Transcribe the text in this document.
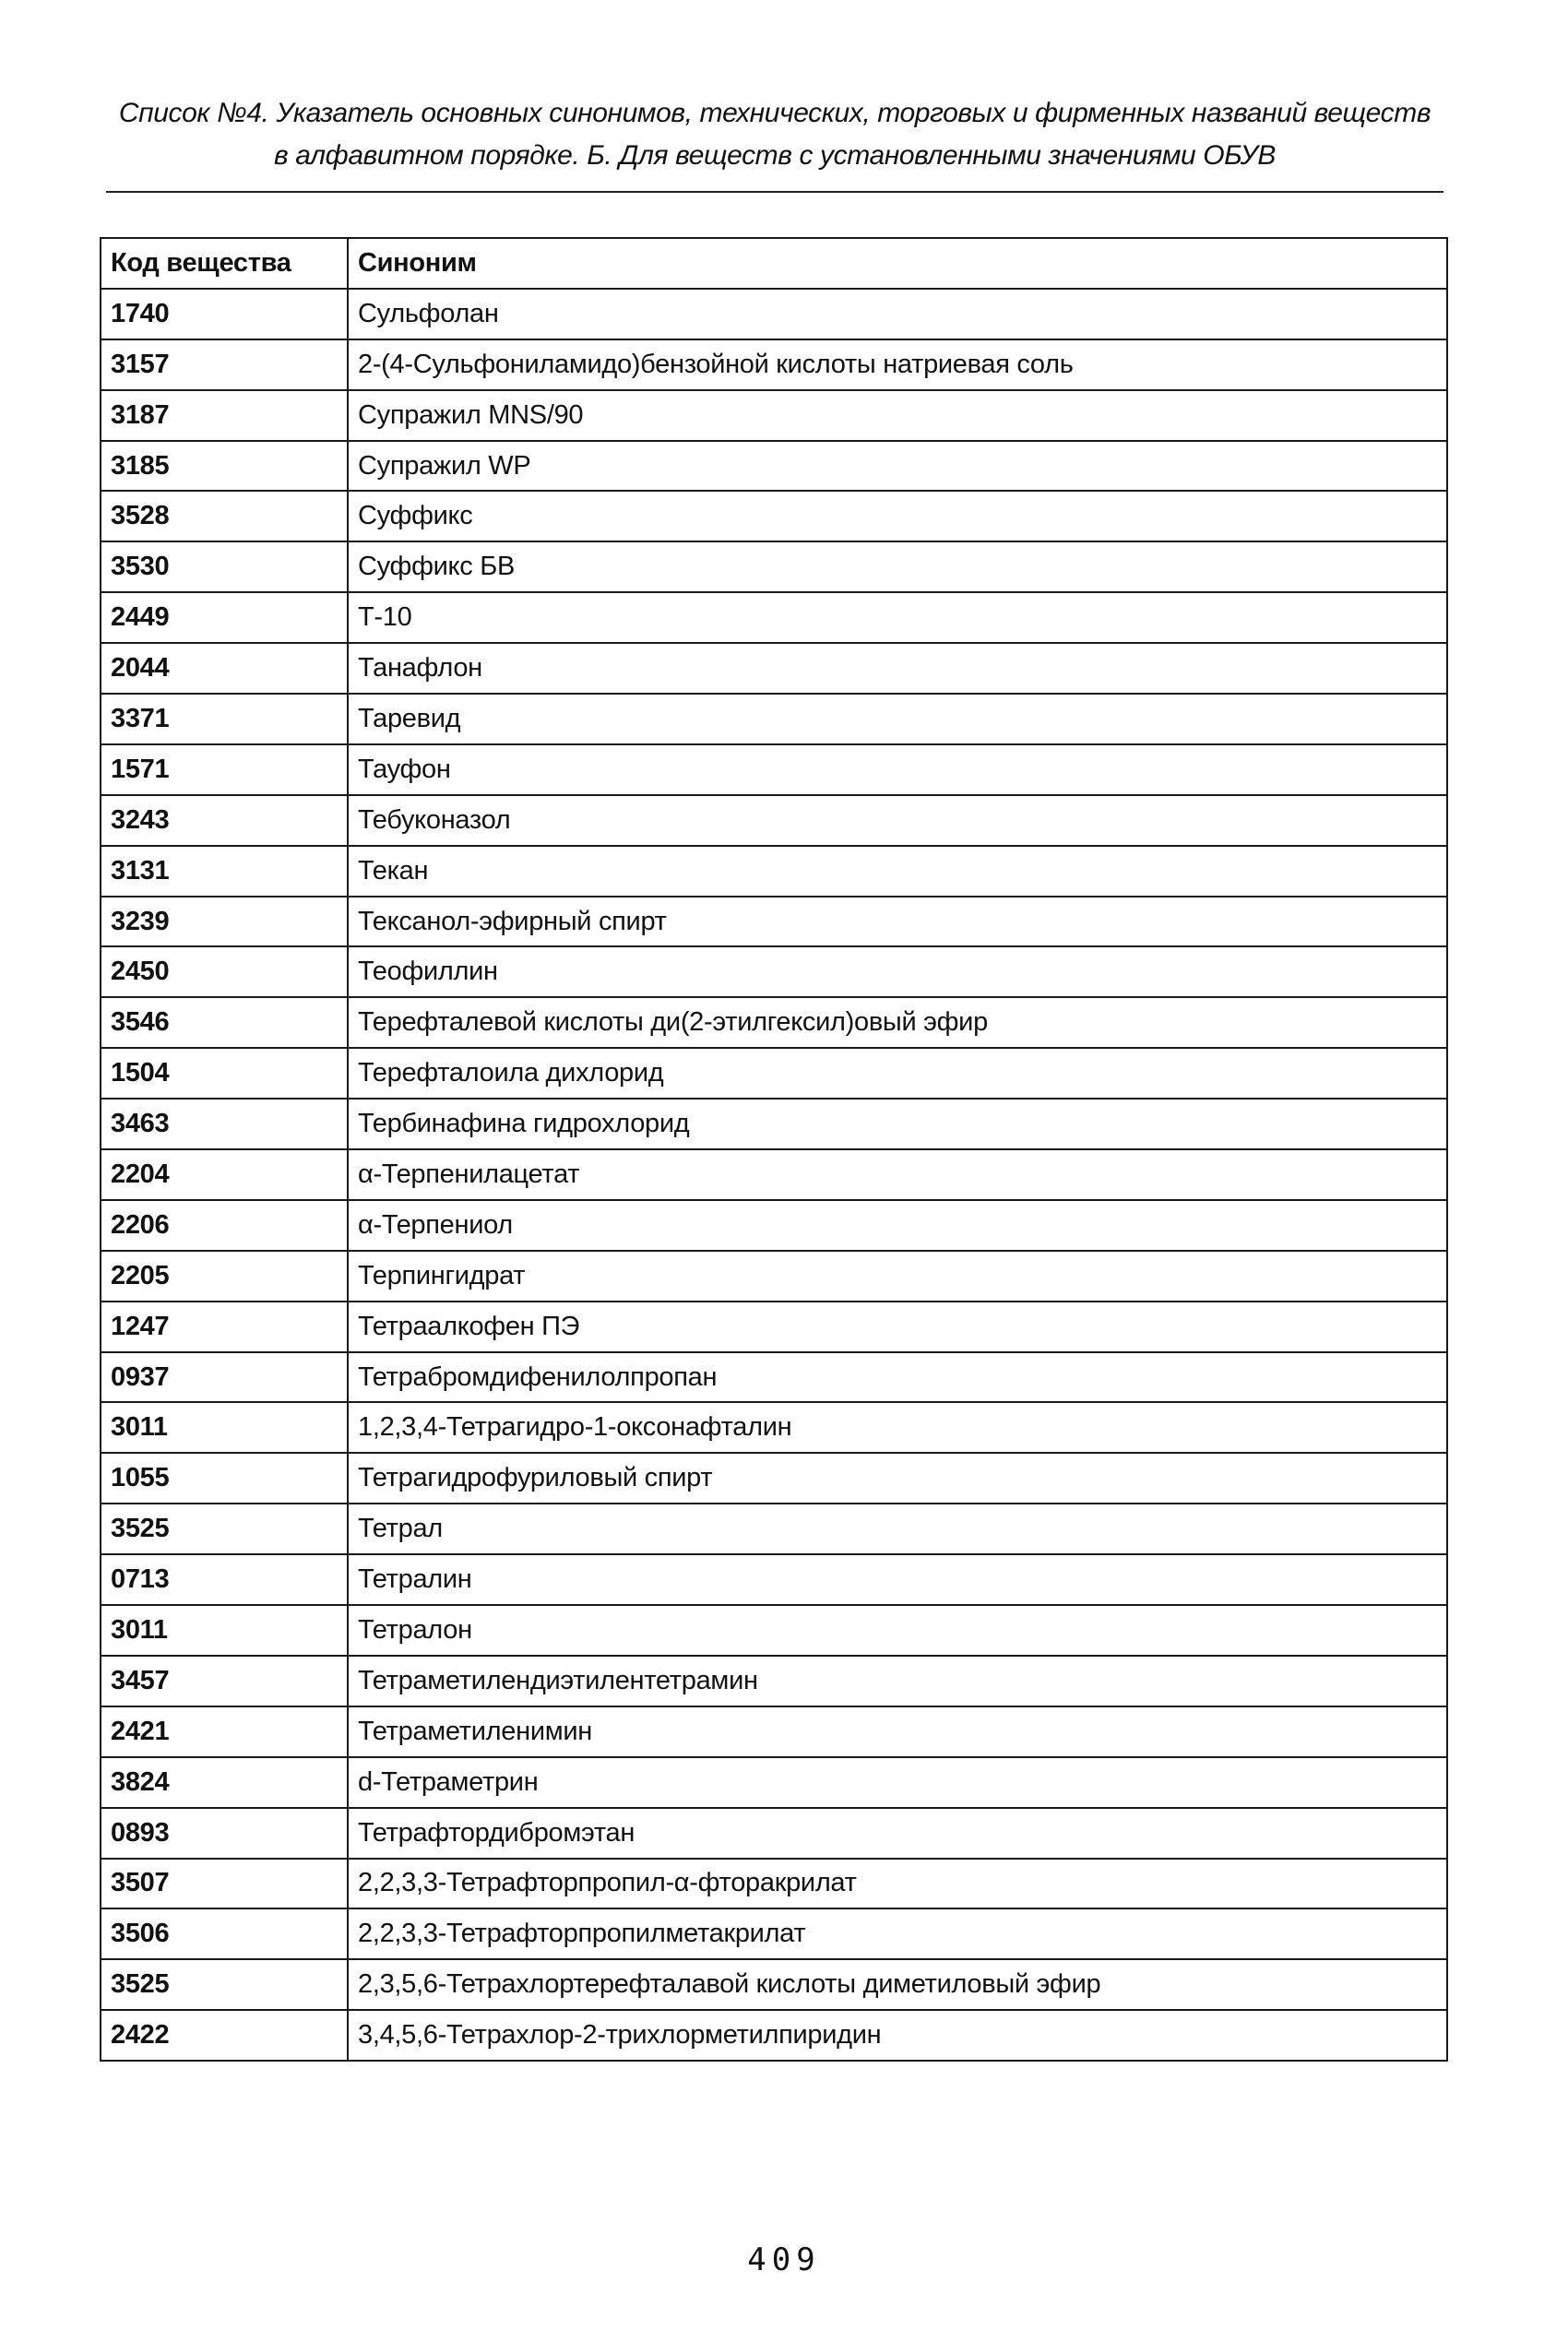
Список №4. Указатель основных синонимов, технических, торговых и фирменных названий веществ
в алфавитном порядке. Б. Для веществ с установленными значениями ОБУВ
Код вещества	Синоним
1740	Сульфолан
3157	2-(4-Сульфониламидо)бензойной кислоты натриевая соль
3187	Супражил MNS/90
3185	Супражил WP
3528	Суффикс
3530	Суффикс БВ
2449	Т-10
2044	Танафлон
3371	Таревид
1571	Тауфон
3243	Тебуконазол
3131	Текан
3239	Тексанол-эфирный спирт
2450	Теофиллин
3546	Терефталевой кислоты ди(2-этилгексил)овый эфир
1504	Терефталоила дихлорид
3463	Тербинафина гидрохлорид
2204	α-Терпенилацетат
2206	α-Терпениол
2205	Терпингидрат
1247	Тетраалкофен ПЭ
0937	Тетрабромдифенилолпропан
3011	1,2,3,4-Тетрагидро-1-оксонафталин
1055	Тетрагидрофуриловый спирт
3525	Тетрал
0713	Тетралин
3011	Тетралон
3457	Тетраметилендиэтилентетрамин
2421	Тетраметиленимин
3824	d-Тетраметрин
0893	Тетрафтордибромэтан
3507	2,2,3,3-Тетрафторпропил-α-фторакрилат
3506	2,2,3,3-Тетрафторпропилметакрилат
3525	2,3,5,6-Тетрахлортерефталавой кислоты диметиловый эфир
2422	3,4,5,6-Тетрахлор-2-трихлорметилпиридин
409
